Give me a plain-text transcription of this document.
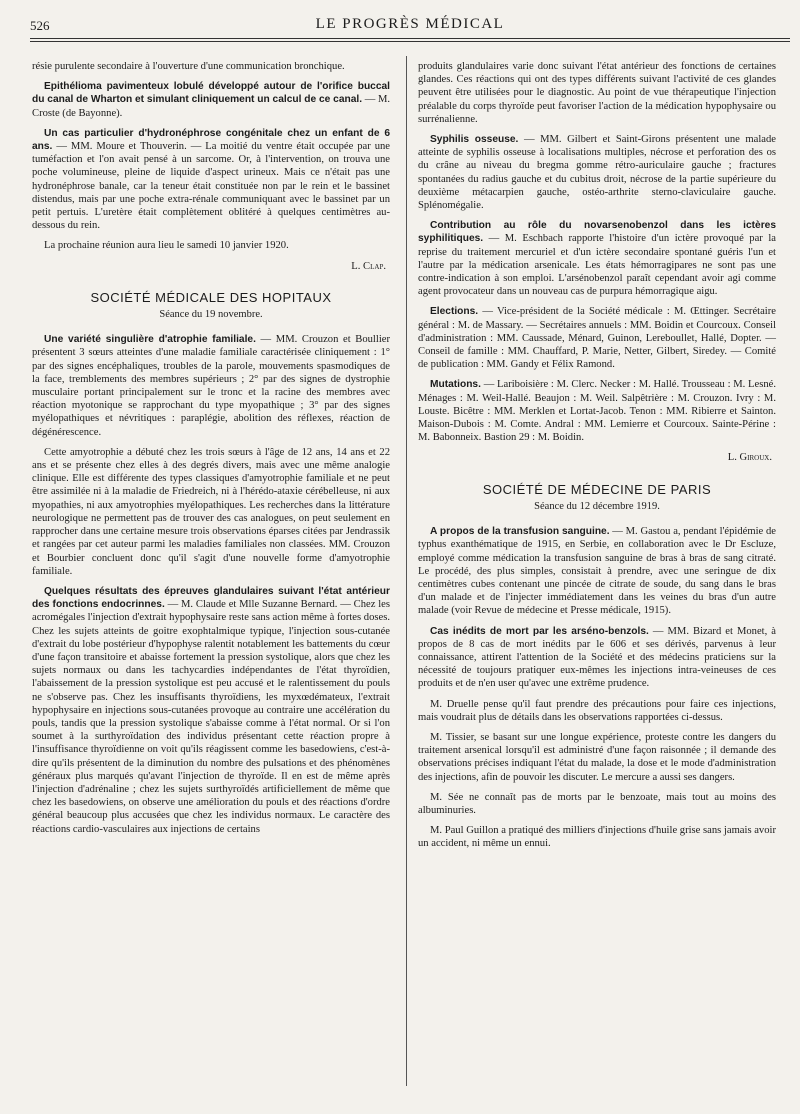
526	LE PROGRÈS MÉDICAL

résie purulente secondaire à l'ouverture d'une communication bronchique.

Epithélioma pavimenteux lobulé développé autour de l'orifice buccal du canal de Wharton et simulant cliniquement un calcul de ce canal. — M. Croste (de Bayonne).

Un cas particulier d'hydronéphrose congénitale chez un enfant de 6 ans. — MM. Moure et Thouverin. — La moitié du ventre était occupée par une tuméfaction et l'on avait pensé à un sarcome. Or, à l'intervention, on trouva une poche volumineuse, pleine de liquide d'aspect urineux. Mais ce n'était pas une hydronéphrose banale, car la teneur était constituée non par le rein et le bassinet distendus, mais par une poche extra-rénale communiquant avec le bassinet par un petit pertuis. L'uretère était complètement oblitéré à quelques centimètres au-dessous du rein.

La prochaine réunion aura lieu le samedi 10 janvier 1920.

L. Clap.
SOCIÉTÉ MÉDICALE DES HOPITAUX
Séance du 19 novembre.

Une variété singulière d'atrophie familiale. — MM. Crouzon et Boullier présentent 3 sœurs atteintes d'une maladie familiale caractérisée cliniquement : 1° par des signes encéphaliques, troubles de la parole, mouvements spasmodiques de la face, tremblements des membres supérieurs ; 2° par des signes de dystrophie musculaire portant principalement sur le tronc et la racine des membres avec réaction myotonique se rapprochant du type myopathique ; 3° par des signes myélopathiques et névritiques : paraplégie, abolition des réflexes, réaction de dégénérescence.

Cette amyotrophie a débuté chez les trois sœurs à l'âge de 12 ans, 14 ans et 22 ans et se présente chez elles à des degrés divers, mais avec une même analogie clinique. Elle est différente des types classiques d'amyotrophie familiale et ne peut être assimilée ni à la maladie de Friedreich, ni à l'hérédo-ataxie cérébelleuse, ni aux myopathies, ni aux amyotrophies myélopathiques. Les recherches dans la littérature neurologique ne permettent pas de trouver des cas analogues, on peut seulement en rapprocher dans une certaine mesure trois observations éparses citées par Jendrassik et rangées par cet auteur parmi les maladies familiales non classées. MM. Crouzon et Bourbier concluent donc qu'il s'agit d'une nouvelle forme d'amyotrophie familiale.

Quelques résultats des épreuves glandulaires suivant l'état antérieur des fonctions endocrinnes. — M. Claude et Mlle Suzanne Bernard. — Chez les acromégales l'injection d'extrait hypophysaire reste sans action même à fortes doses. Chez les sujets atteints de goitre exophtalmique typique, l'injection sous-cutanée d'extrait du lobe postérieur d'hypophyse ralentit notablement les battements du cœur d'une façon transitoire et abaisse fortement la pression systolique, alors que chez les sujets normaux ou dans les tachycardies indépendantes de l'état thyroïdien, l'abaissement de la pression systolique est peu accusé et le ralentissement du pouls ne s'observe pas. Chez les insuffisants thyroïdiens, les myxœdémateux, l'extrait hypophysaire en injections sous-cutanées provoque au contraire une accélération du pouls, tandis que la pression systolique s'abaisse comme à l'état normal. Or si l'on soumet à la surthyroïdation des individus présentant cette réaction propre à l'insuffisance thyroïdienne on voit qu'ils réagissent comme les basedowiens, c'est-à-dire qu'ils présentent de la diminution du nombre des pulsations et des phénomènes généraux plus marqués qu'avant l'injection de thyroïde. Il en est de même après l'injection d'adrénaline ; chez les sujets surthyroïdés artificiellement de même que chez les basedowiens, on observe une amélioration du pouls et des réactions d'ordre général beaucoup plus accusées que chez les individus normaux. Le caractère des réactions cardio-vasculaires aux injections de certains

produits glandulaires varie donc suivant l'état antérieur des fonctions de certaines glandes. Ces réactions qui ont des types différents suivant l'activité de ces glandes peuvent être utilisées pour le diagnostic. Au point de vue thérapeutique l'injection préalable du corps thyroïde peut favoriser l'action de la médication hypophysaire ou surrénalienne.

Syphilis osseuse. — MM. Gilbert et Saint-Girons présentent une malade atteinte de syphilis osseuse à localisations multiples, nécrose et perforation des os du crâne au niveau du bregma gomme rétro-auriculaire gauche ; fractures spontanées du radius gauche et du cubitus droit, nécrose de la partie supérieure du deuxième métacarpien gauche, ostéo-arthrite sterno-claviculaire gauche. Splénomégalie.

Contribution au rôle du novarsenobenzol dans les ictères syphilitiques. — M. Eschbach rapporte l'histoire d'un ictère provoqué par la reprise du traitement mercuriel et d'un ictère secondaire spontané guéris l'un et l'autre par la médication arsenicale. Les états hémorragipares ne sont pas une contre-indication à son emploi. L'arsénobenzol paraît cependant avoir agi comme agent provocateur dans un nouveau cas de purpura hémorragique aigu.

Elections. — Vice-président de la Société médicale : M. Œttinger. Secrétaire général : M. de Massary. — Secrétaires annuels : MM. Boidin et Courcoux. Conseil d'administration : MM. Caussade, Ménard, Guinon, Lereboullet, Hallé, Dopter. — Conseil de famille : MM. Chauffard, P. Marie, Netter, Gilbert, Siredey. — Comité de publication : MM. Gandy et Félix Ramond.

Mutations. — Lariboisière : M. Clerc. Necker : M. Hallé. Trousseau : M. Lesné. Ménages : M. Weil-Hallé. Beaujon : M. Weil. Salpêtrière : M. Crouzon. Ivry : M. Louste. Bicêtre : MM. Merklen et Lortat-Jacob. Tenon : MM. Ribierre et Sainton. Maison-Dubois : M. Comte. Andral : MM. Lemierre et Courcoux. Sainte-Périne : M. Babonneix. Bastion 29 : M. Boidin.

L. Giroux.
SOCIÉTÉ DE MÉDECINE DE PARIS
Séance du 12 décembre 1919.

A propos de la transfusion sanguine. — M. Gastou a, pendant l'épidémie de typhus exanthématique de 1915, en Serbie, en collaboration avec le Dr Escluze, employé comme médication la transfusion sanguine de bras à bras de sang citraté. Le procédé, des plus simples, consistait à prendre, avec une seringue de dix centimètres cubes contenant une pincée de citrate de soude, du sang dans le bras d'un malade et de l'injecter immédiatement dans les veines du bras d'un autre malade (voir Revue de médecine et Presse médicale, 1915).

Cas inédits de mort par les arséno-benzols. — MM. Bizard et Monet, à propos de 8 cas de mort inédits par le 606 et ses dérivés, parvenus à leur connaissance, attirent l'attention de la Société et des médecins praticiens sur la nécessité de toujours pratiquer eux-mêmes les injections intra-veineuses de ces produits et de n'en user qu'avec une extrême prudence.

M. Druelle pense qu'il faut prendre des précautions pour faire ces injections, mais voudrait plus de détails dans les observations rapportées ci-dessus.

M. Tissier, se basant sur une longue expérience, proteste contre les dangers du traitement arsenical lorsqu'il est administré d'une façon raisonnée ; il demande des observations précises indiquant l'état du malade, la dose et le mode d'administration des injections, afin de pouvoir les discuter. Le mercure a aussi ses dangers.

M. Sée ne connaît pas de morts par le benzoate, mais tout au moins des albuminuries.

M. Paul Guillon a pratiqué des milliers d'injections d'huile grise sans jamais avoir un accident, ni même un ennui.
